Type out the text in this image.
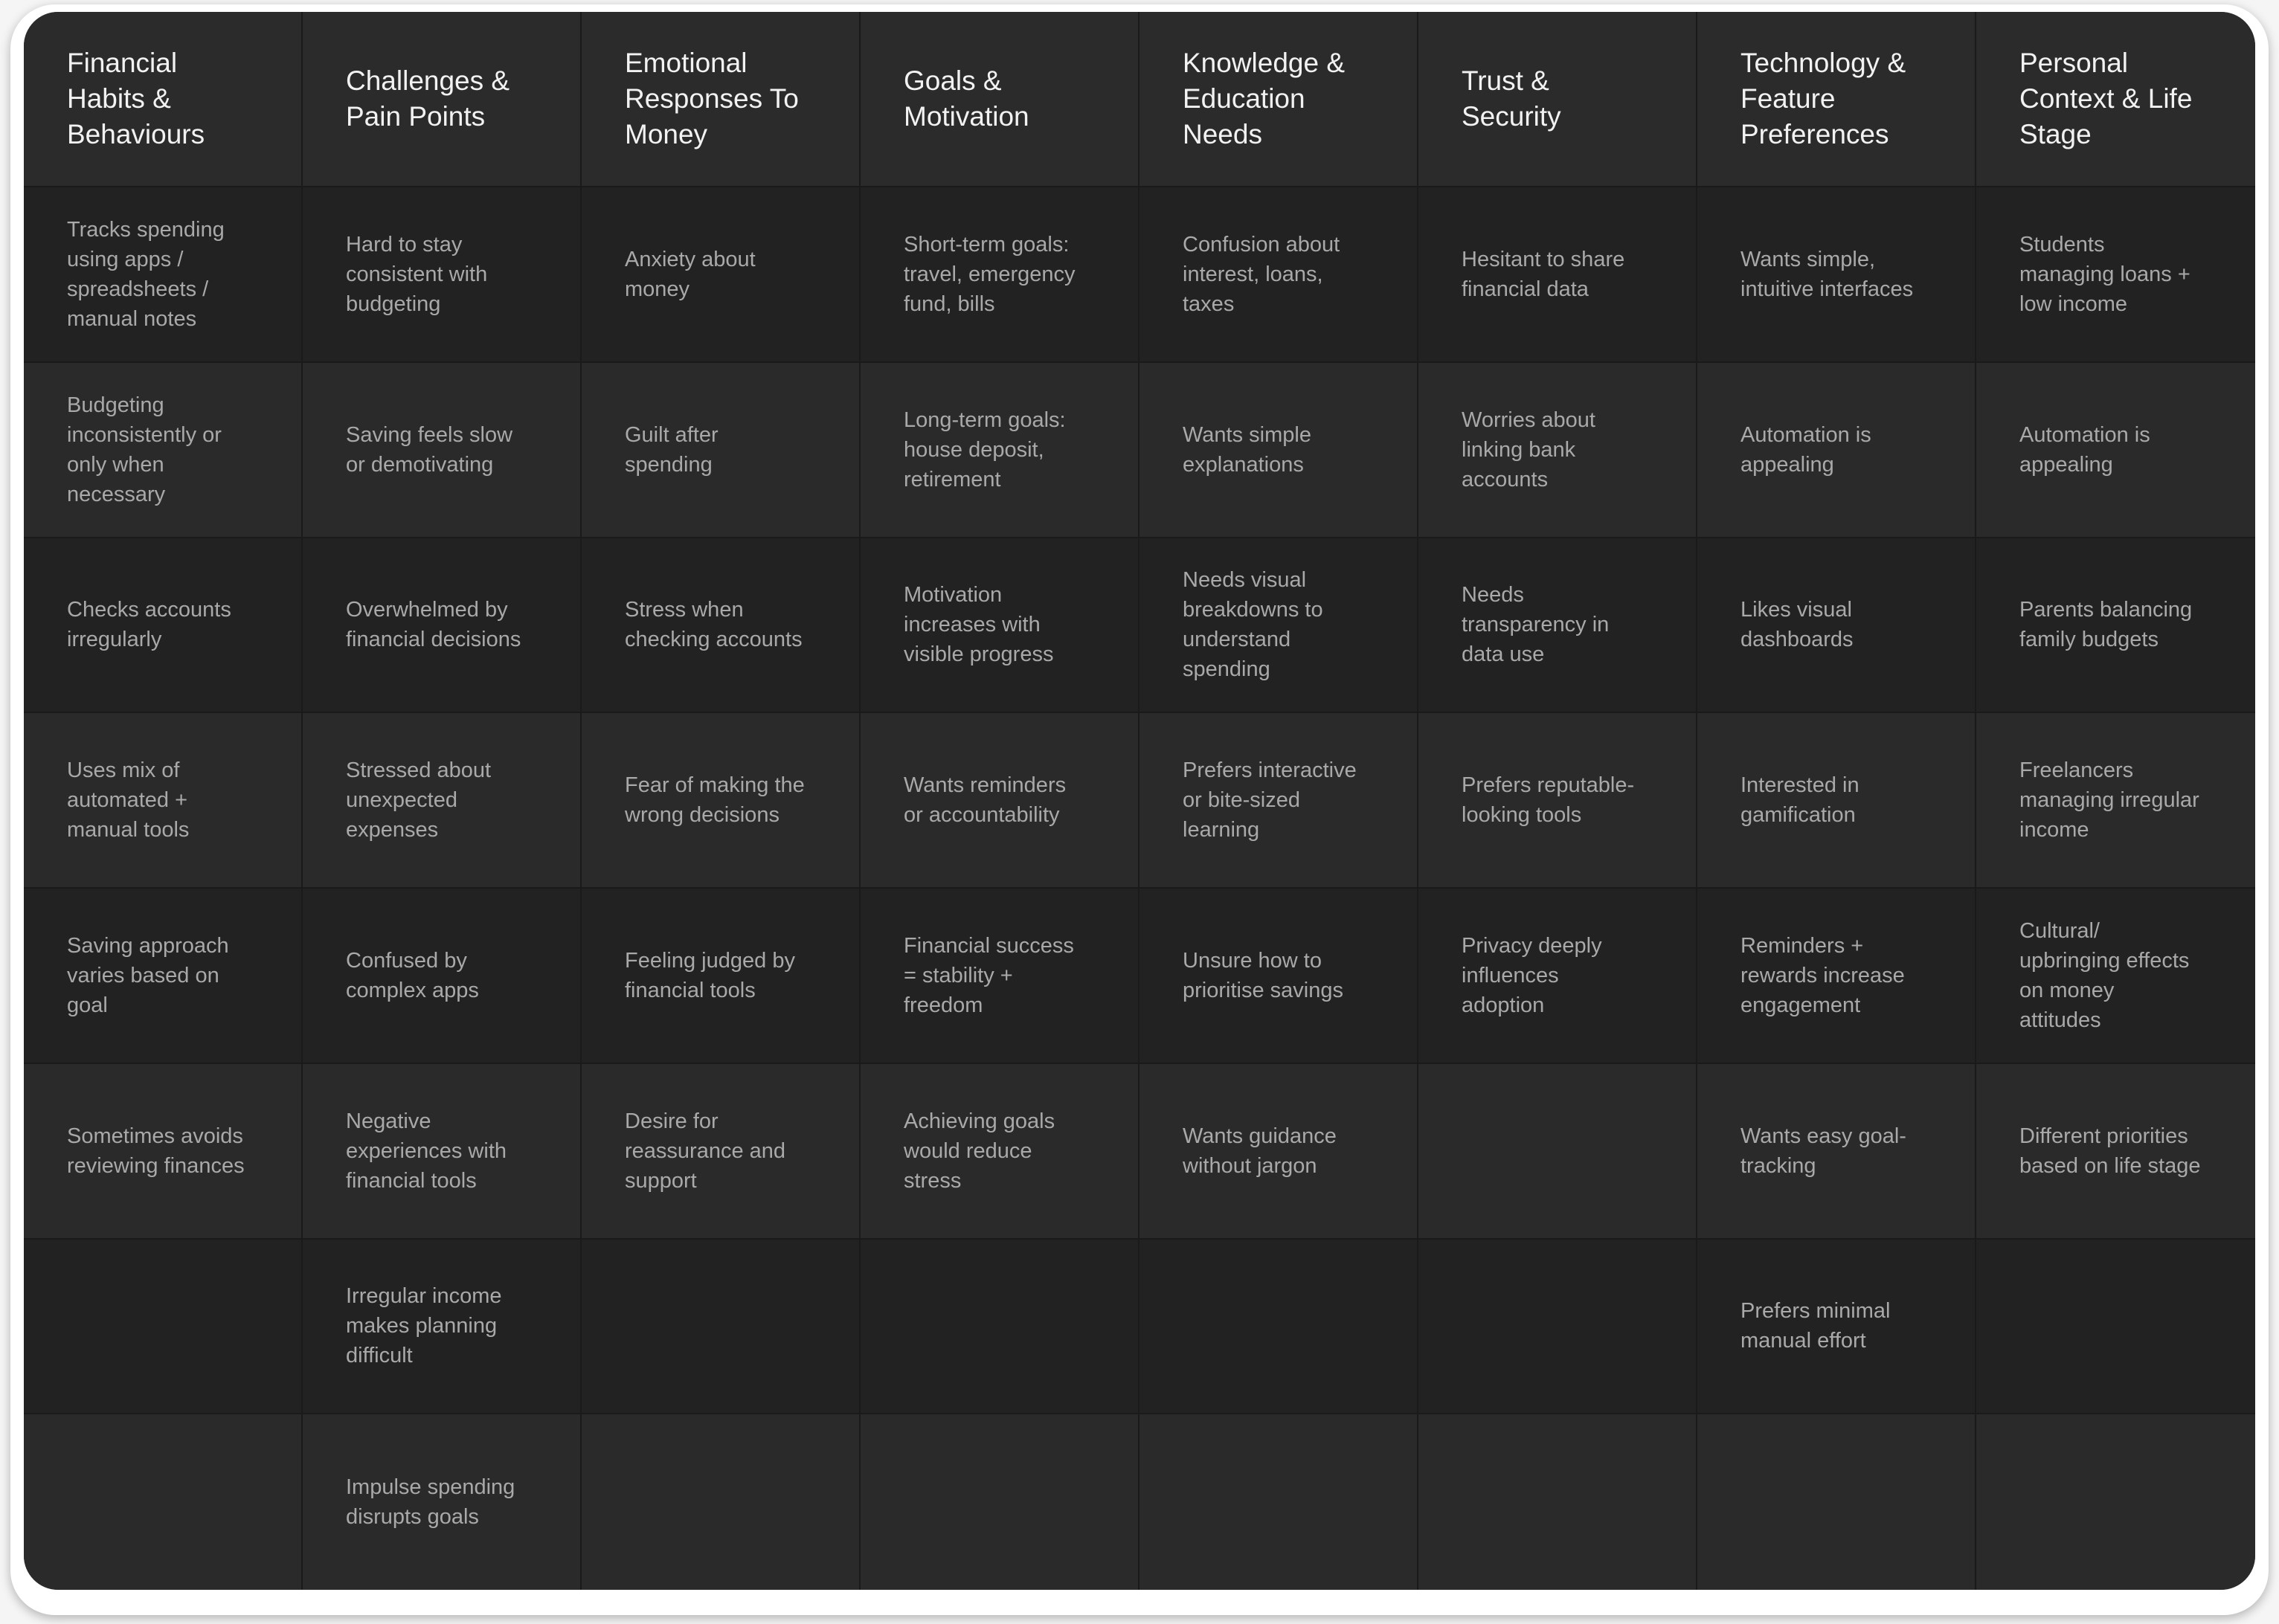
Financial
Habits &
Behaviours
Challenges &
Pain Points
Emotional
Responses To
Money
Goals &
Motivation
Knowledge &
Education
Needs
Trust &
Security
Technology &
Feature
Preferences
Personal
Context & Life
Stage
Tracks spending
using apps /
spreadsheets /
manual notes
Hard to stay
consistent with
budgeting
Anxiety about
money
Short-term goals:
travel, emergency
fund, bills
Confusion about
interest, loans,
taxes
Hesitant to share
financial data
Wants simple,
intuitive interfaces
Students
managing loans +
low income
Budgeting
inconsistently or
only when
necessary
Saving feels slow
or demotivating
Guilt after
spending
Long-term goals:
house deposit,
retirement
Wants simple
explanations
Worries about
linking bank
accounts
Automation is
appealing
Automation is
appealing
Checks accounts
irregularly
Overwhelmed by
financial decisions
Stress when
checking accounts
Motivation
increases with
visible progress
Needs visual
breakdowns to
understand
spending
Needs
transparency in
data use
Likes visual
dashboards
Parents balancing
family budgets
Uses mix of
automated +
manual tools
Stressed about
unexpected
expenses
Fear of making the
wrong decisions
Wants reminders
or accountability
Prefers interactive
or bite-sized
learning
Prefers reputable-
looking tools
Interested in
gamification
Freelancers
managing irregular
income
Saving approach
varies based on
goal
Confused by
complex apps
Feeling judged by
financial tools
Financial success
= stability +
freedom
Unsure how to
prioritise savings
Privacy deeply
influences
adoption
Reminders +
rewards increase
engagement
Cultural/
upbringing effects
on money
attitudes
Sometimes avoids
reviewing finances
Negative
experiences with
financial tools
Desire for
reassurance and
support
Achieving goals
would reduce
stress
Wants guidance
without jargon
Wants easy goal-
tracking
Different priorities
based on life stage
Irregular income
makes planning
difficult
Prefers minimal
manual effort
Impulse spending
disrupts goals
